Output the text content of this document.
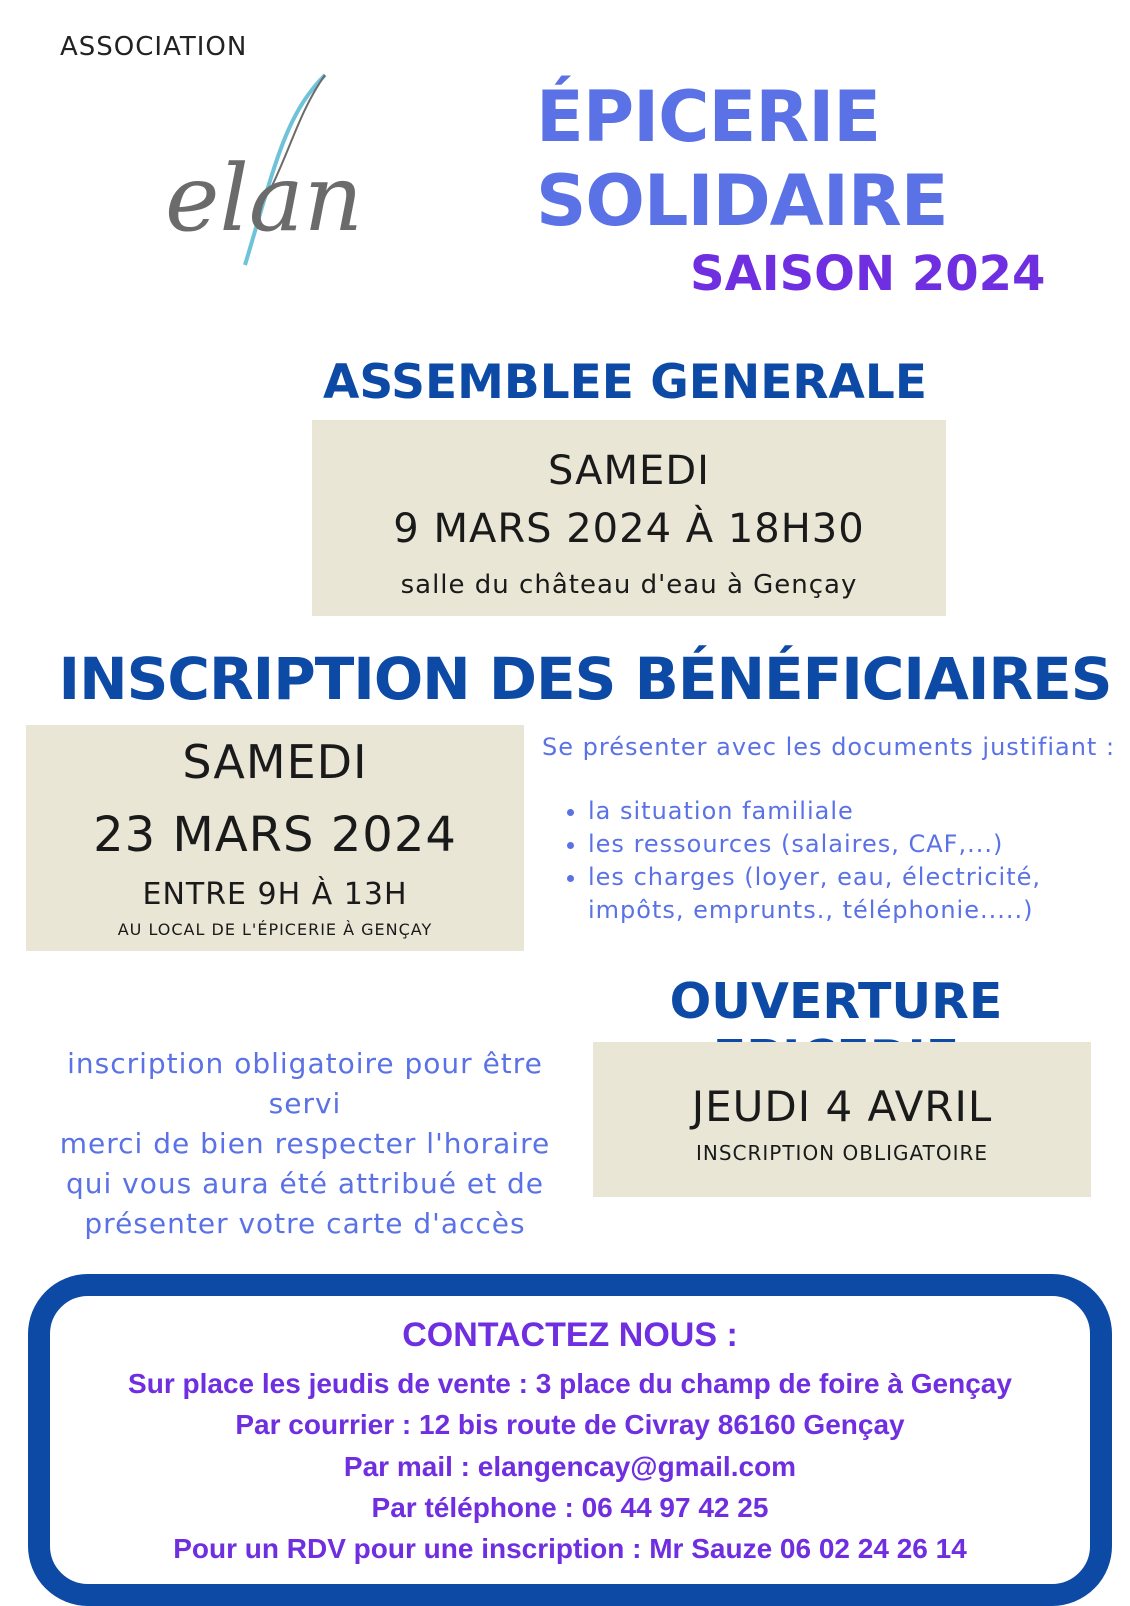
ASSOCIATION
elan
ÉPICERIE
SOLIDAIRE
SAISON 2024
ASSEMBLEE GENERALE
SAMEDI
9 MARS 2024 À 18H30
salle du château d'eau à Gençay
INSCRIPTION DES BÉNÉFICIAIRES
SAMEDI
23 MARS 2024
ENTRE 9H À 13H
AU LOCAL DE L'ÉPICERIE À GENÇAY
Se présenter avec les documents justifiant :
• la situation familiale
• les ressources (salaires, CAF,...)
• les charges (loyer, eau, électricité, impôts, emprunts., téléphonie.....)
OUVERTURE
inscription obligatoire pour être servi
merci de bien respecter l'horaire
qui vous aura été attribué et de
présenter votre carte d'accès
JEUDI 4 AVRIL
INSCRIPTION OBLIGATOIRE
CONTACTEZ NOUS :
Sur place les jeudis de vente : 3 place du champ de foire à Gençay
Par courrier : 12 bis route de Civray 86160 Gençay
Par mail : elangencay@gmail.com
Par téléphone : 06 44 97 42 25
Pour un RDV pour une inscription : Mr Sauze 06 02 24 26 14
